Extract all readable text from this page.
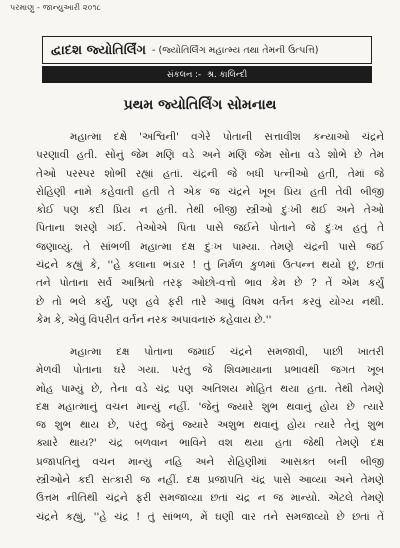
પરમાણુ - જાન્યુઆરી ૨૦૧૮
દ્વાદશ જ્યોતિર્લિંગ - (જ્યોતિર્લિંગ મહાત્મ્ય તથા તેમની ઉત્પત્તિ)
સંકલન :- શ્ર. કાલિન્દી
પ્રથમ જ્યોતિર્લિંગ સોમનાથ
મહાત્મા દક્ષે 'અશ્વિની' વગેરે પોતાની સત્તાવીશ કન્યાઓ ચંદ્રને
પરણાવી હતી. સોનું જેમ મણિ વડે અને મણિ જેમ સોના વડે શોભે છે તેમ
તેઓ પરસ્પર શોભી રહ્યાં હતાં. ચંદ્રની જે બધી પત્નીઓ હતી, તેમાં જે
રોહિણી નામે કહેવાતી હતી તે એક જ ચંદ્રને ખૂબ પ્રિય હતી તેવી બીજી
કોઈ પણ કદી પ્રિય ન હતી. તેથી બીજી સ્ત્રીઓ દુઃખી થઈ અને તેઓ
પિતાના શરણે ગઈ. તેઓએ પિતા પાસે જઈને પોતાને જે દુઃખ હતું તે
જણાવ્યું. તે સાંભળી મહાત્મા દક્ષ દુઃખ પામ્યા. તેમણે ચંદ્રની પાસે જઈ
ચંદ્રને કહ્યું કે, ''હે કલાના ભંડાર ! તું નિર્મળ કુળમાં ઉત્પન્ન થયો છું, છતાં
તને પોતાના સર્વ આશ્રિતો તરફ ઓછો-વત્તો ભાવ કેમ છે ? તેં એમ કર્યું
છે તો ભલે કર્યું, પણ હવે ફરી તારે આવું વિષમ વર્તન કરવું યોગ્ય નથી.
કેમ કે, એવું વિપરીત વર્તન નરક અપાવનારું કહેવાય છે.''
મહાત્મા દક્ષ પોતાના જમાઈ ચંદ્રને સમજાવી, પાછી ખાતરી
મેળવી પોતાના ઘરે ગયા. પરંતુ જે શિવમાયાના પ્રભાવથી જગત ખૂબ
મોહ પામ્યું છે, તેના વડે ચંદ્ર પણ અતિશય મોહિત થયા હતા. તેથી તેમણે
દક્ષ મહાત્માનું વચન માન્યું નહીં. 'જેનું જ્યારે શુભ થવાનું હોય છે ત્યારે
જ શુભ થાય છે, પરંતુ જેનું જ્યારે અશુભ થવાનું હોય ત્યારે તેનું શુભ
ક્યારે થાય?' ચંદ્ર બળવાન ભાવિને વશ થયા હતા જેથી તેમણે દક્ષ
પ્રજાપતિનું વચન માન્યું નહિ અને રોહિણીમાં આસક્ત બની બીજી
સ્ત્રીઓને કદી સત્કારી જ નહીં. દક્ષ પ્રજાપતિ ચંદ્ર પાસે આવ્યા અને તેમણે
ઉત્તમ નીતિથી ચંદ્રને ફરી સમજાવ્યા છતાં ચંદ્ર ન જ માન્યો. એટલે તેમણે
ચંદ્રને કહ્યું, ''હે ચંદ્ર ! તું સાંભળ, મેં ઘણી વાર તને સમજાવ્યો છે છતાં તેં
